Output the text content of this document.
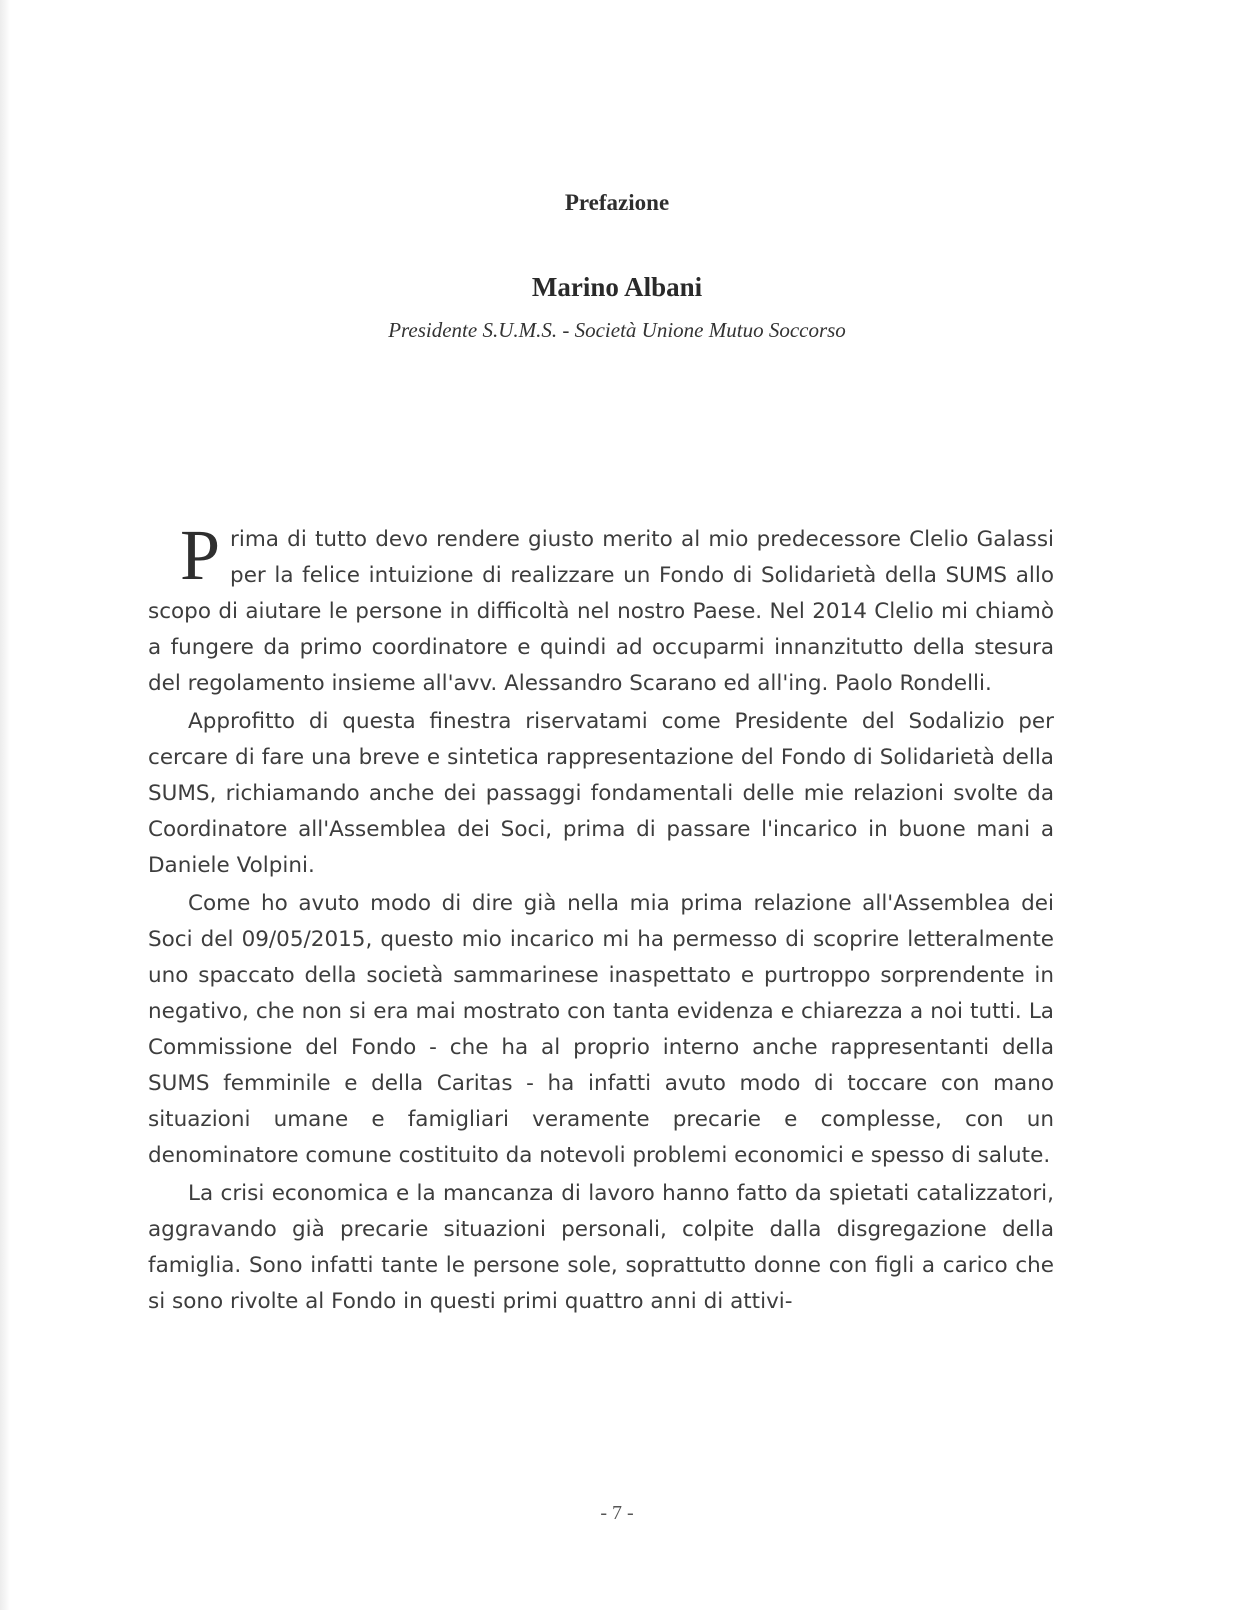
Prefazione
Marino Albani
Presidente S.U.M.S. - Società Unione Mutuo Soccorso

Prima di tutto devo rendere giusto merito al mio predecessore Clelio Galassi per la felice intuizione di realizzare un Fondo di Solidarietà della SUMS allo scopo di aiutare le persone in difficoltà nel nostro Paese. Nel 2014 Clelio mi chiamò a fungere da primo coordinatore e quindi ad occuparmi innanzitutto della stesura del regolamento insieme all'avv. Alessandro Scarano ed all'ing. Paolo Rondelli.

Approfitto di questa finestra riservatami come Presidente del Sodalizio per cercare di fare una breve e sintetica rappresentazione del Fondo di Solidarietà della SUMS, richiamando anche dei passaggi fondamentali delle mie relazioni svolte da Coordinatore all'Assemblea dei Soci, prima di passare l'incarico in buone mani a Daniele Volpini.

Come ho avuto modo di dire già nella mia prima relazione all'Assemblea dei Soci del 09/05/2015, questo mio incarico mi ha permesso di scoprire letteralmente uno spaccato della società sammarinese inaspettato e purtroppo sorprendente in negativo, che non si era mai mostrato con tanta evidenza e chiarezza a noi tutti. La Commissione del Fondo - che ha al proprio interno anche rappresentanti della SUMS femminile e della Caritas - ha infatti avuto modo di toccare con mano situazioni umane e famigliari veramente precarie e complesse, con un denominatore comune costituito da notevoli problemi economici e spesso di salute.

La crisi economica e la mancanza di lavoro hanno fatto da spietati catalizzatori, aggravando già precarie situazioni personali, colpite dalla disgregazione della famiglia. Sono infatti tante le persone sole, soprattutto donne con figli a carico che si sono rivolte al Fondo in questi primi quattro anni di attivi-

- 7 -
